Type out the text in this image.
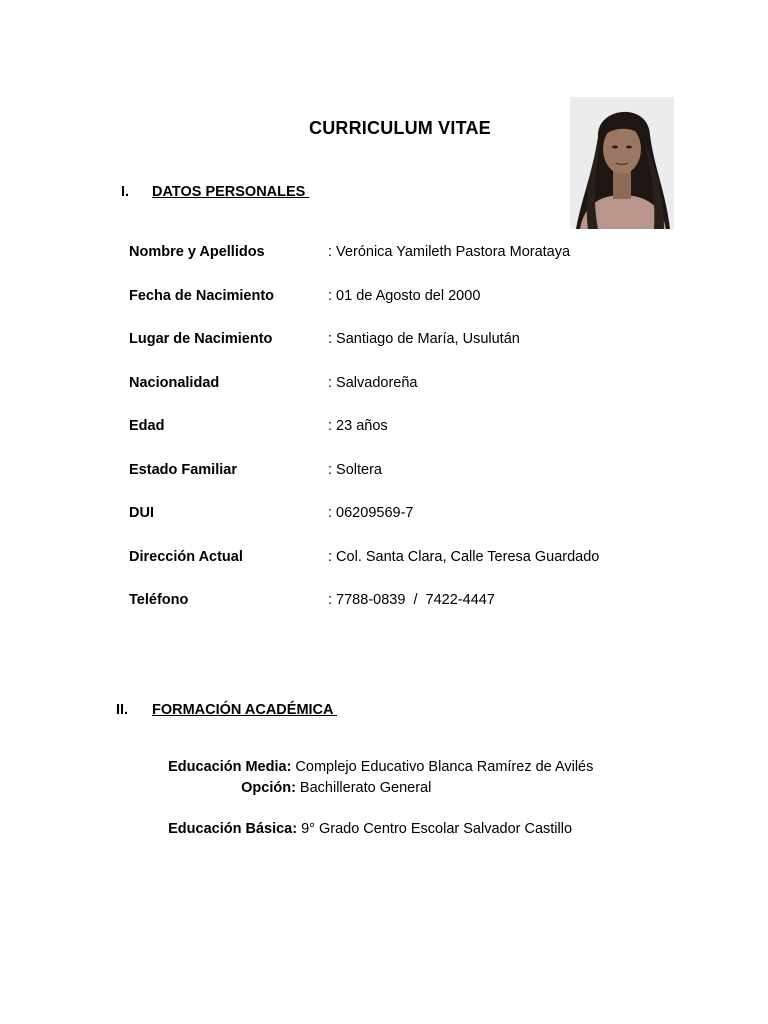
CURRICULUM VITAE
I. DATOS PERSONALES
Nombre y Apellidos	: Verónica Yamileth Pastora Morataya
Fecha de Nacimiento	: 01 de Agosto del 2000
Lugar de Nacimiento	: Santiago de María, Usulután
Nacionalidad	: Salvadoreña
Edad	: 23 años
Estado Familiar	: Soltera
DUI	: 06209569-7
Dirección Actual	: Col. Santa Clara, Calle Teresa Guardado
Teléfono	: 7788-0839  /  7422-4447
II. FORMACIÓN ACADÉMICA

Educación Media: Complejo Educativo Blanca Ramírez de Avilés

Opción: Bachillerato General

Educación Básica: 9° Grado Centro Escolar Salvador Castillo
